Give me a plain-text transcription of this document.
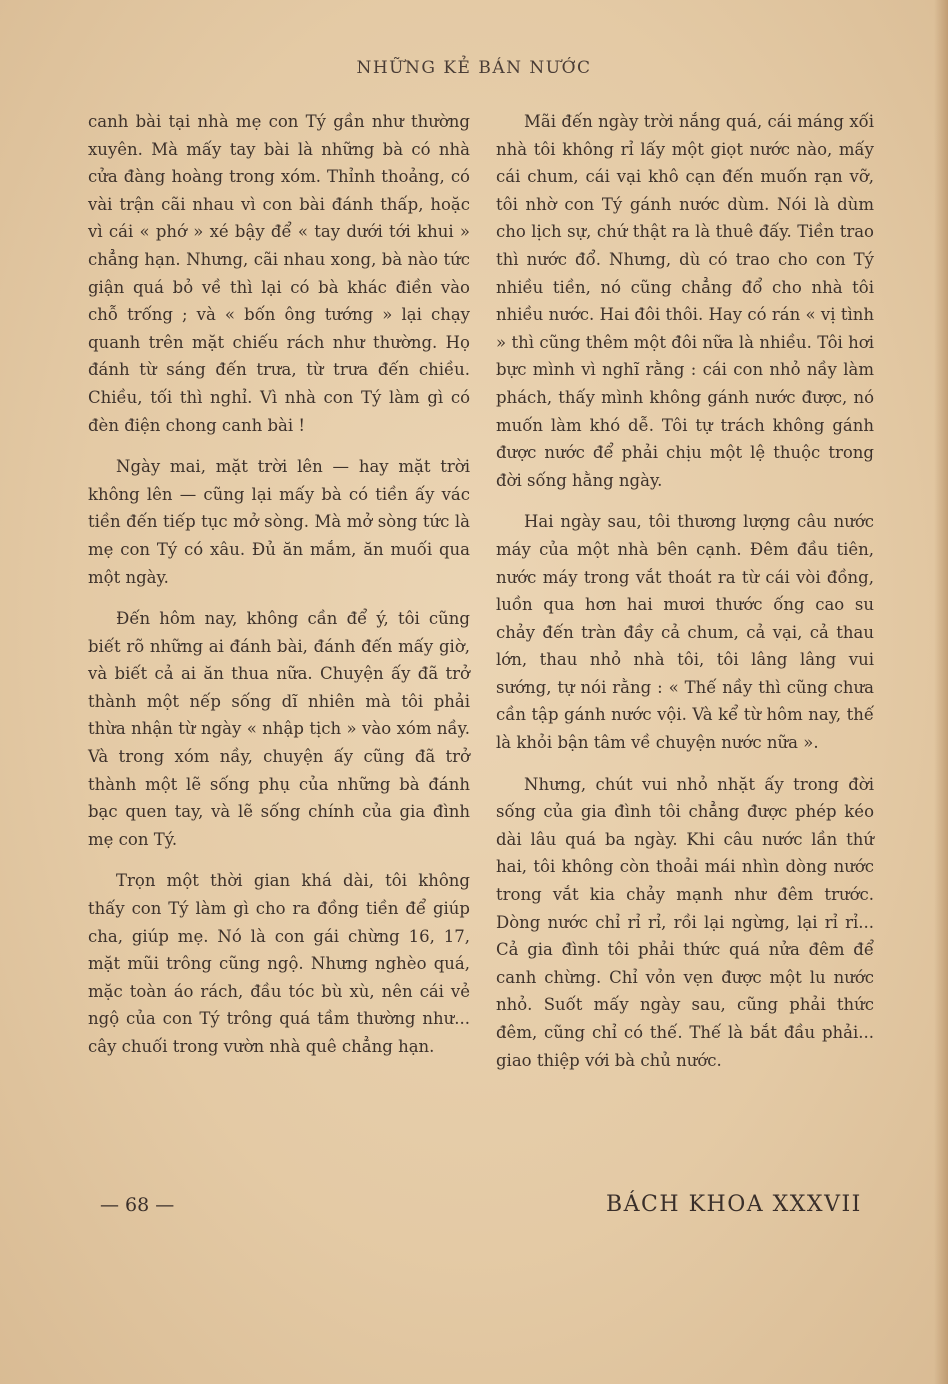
NHỮNG KẺ BÁN NƯỚC

canh bài tại nhà mẹ con Tý gần như thường xuyên. Mà mấy tay bài là những bà có nhà cửa đàng hoàng trong xóm. Thỉnh thoảng, có vài trận cãi nhau vì con bài đánh thấp, hoặc vì cái « phớ » xé bậy để « tay dưới tới khui » chẳng hạn. Nhưng, cãi nhau xong, bà nào tức giận quá bỏ về thì lại có bà khác điền vào chỗ trống ; và « bốn ông tướng » lại chạy quanh trên mặt chiếu rách như thường. Họ đánh từ sáng đến trưa, từ trưa đến chiều. Chiều, tối thì nghỉ. Vì nhà con Tý làm gì có đèn điện chong canh bài !

Ngày mai, mặt trời lên — hay mặt trời không lên — cũng lại mấy bà có tiền ấy vác tiền đến tiếp tục mở sòng. Mà mở sòng tức là mẹ con Tý có xâu. Đủ ăn mắm, ăn muối qua một ngày.

Đến hôm nay, không cần để ý, tôi cũng biết rõ những ai đánh bài, đánh đến mấy giờ, và biết cả ai ăn thua nữa. Chuyện ấy đã trở thành một nếp sống dĩ nhiên mà tôi phải thừa nhận từ ngày « nhập tịch » vào xóm nầy. Và trong xóm nầy, chuyện ấy cũng đã trở thành một lẽ sống phụ của những bà đánh bạc quen tay, và lẽ sống chính của gia đình mẹ con Tý.

Trọn một thời gian khá dài, tôi không thấy con Tý làm gì cho ra đồng tiền để giúp cha, giúp mẹ. Nó là con gái chừng 16, 17, mặt mũi trông cũng ngộ. Nhưng nghèo quá, mặc toàn áo rách, đầu tóc bù xù, nên cái vẻ ngộ của con Tý trông quá tầm thường như... cây chuối trong vườn nhà quê chẳng hạn.

Mãi đến ngày trời nắng quá, cái máng xối nhà tôi không rỉ lấy một giọt nước nào, mấy cái chum, cái vại khô cạn đến muốn rạn vỡ, tôi nhờ con Tý gánh nước dùm. Nói là dùm cho lịch sự, chứ thật ra là thuê đấy. Tiền trao thì nước đổ. Nhưng, dù có trao cho con Tý nhiều tiền, nó cũng chẳng đổ cho nhà tôi nhiều nước. Hai đôi thôi. Hay có rán « vị tình » thì cũng thêm một đôi nữa là nhiều. Tôi hơi bực mình vì nghĩ rằng : cái con nhỏ nầy làm phách, thấy mình không gánh nước được, nó muốn làm khó dễ. Tôi tự trách không gánh được nước để phải chịu một lệ thuộc trong đời sống hằng ngày.

Hai ngày sau, tôi thương lượng câu nước máy của một nhà bên cạnh. Đêm đầu tiên, nước máy trong vắt thoát ra từ cái vòi đồng, luồn qua hơn hai mươi thước ống cao su chảy đến tràn đầy cả chum, cả vại, cả thau lớn, thau nhỏ nhà tôi, tôi lâng lâng vui sướng, tự nói rằng : « Thế nầy thì cũng chưa cần tập gánh nước vội. Và kể từ hôm nay, thế là khỏi bận tâm về chuyện nước nữa ».

Nhưng, chút vui nhỏ nhặt ấy trong đời sống của gia đình tôi chẳng được phép kéo dài lâu quá ba ngày. Khi câu nước lần thứ hai, tôi không còn thoải mái nhìn dòng nước trong vắt kia chảy mạnh như đêm trước. Dòng nước chỉ rỉ rỉ, rồi lại ngừng, lại rỉ rỉ... Cả gia đình tôi phải thức quá nửa đêm để canh chừng. Chỉ vỏn vẹn được một lu nước nhỏ. Suốt mấy ngày sau, cũng phải thức đêm, cũng chỉ có thế. Thế là bắt đầu phải... giao thiệp với bà chủ nước.

— 68 —	BÁCH KHOA XXXVII
